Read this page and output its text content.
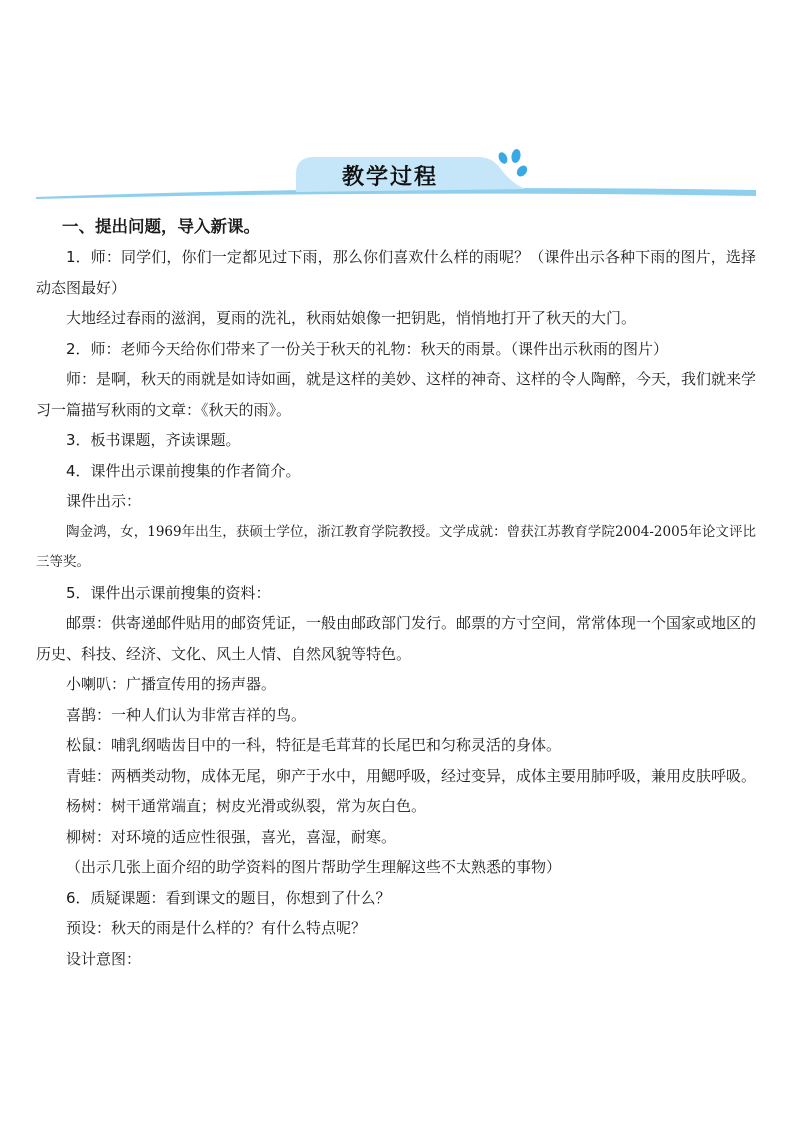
教学过程

一、提出问题，导入新课。

1．师：同学们，你们一定都见过下雨，那么你们喜欢什么样的雨呢？（课件出示各种下雨的图片，选择动态图最好）

大地经过春雨的滋润，夏雨的洗礼，秋雨姑娘像一把钥匙，悄悄地打开了秋天的大门。

2．师：老师今天给你们带来了一份关于秋天的礼物：秋天的雨景。（课件出示秋雨的图片）

师：是啊，秋天的雨就是如诗如画，就是这样的美妙、这样的神奇、这样的令人陶醉，今天，我们就来学习一篇描写秋雨的文章：《秋天的雨》。

3．板书课题，齐读课题。

4．课件出示课前搜集的作者简介。

课件出示：

陶金鸿，女，1969年出生，获硕士学位，浙江教育学院教授。文学成就：曾获江苏教育学院2004-2005年论文评比三等奖。

5．课件出示课前搜集的资料：

邮票：供寄递邮件贴用的邮资凭证，一般由邮政部门发行。邮票的方寸空间，常常体现一个国家或地区的历史、科技、经济、文化、风土人情、自然风貌等特色。

小喇叭：广播宣传用的扬声器。

喜鹊：一种人们认为非常吉祥的鸟。

松鼠：哺乳纲啮齿目中的一科，特征是毛茸茸的长尾巴和匀称灵活的身体。

青蛙：两栖类动物，成体无尾，卵产于水中，用鳃呼吸，经过变异，成体主要用肺呼吸，兼用皮肤呼吸。

杨树：树干通常端直；树皮光滑或纵裂，常为灰白色。

柳树：对环境的适应性很强，喜光，喜湿，耐寒。

（出示几张上面介绍的助学资料的图片帮助学生理解这些不太熟悉的事物）

6．质疑课题：看到课文的题目，你想到了什么？

预设：秋天的雨是什么样的？有什么特点呢？

设计意图：
